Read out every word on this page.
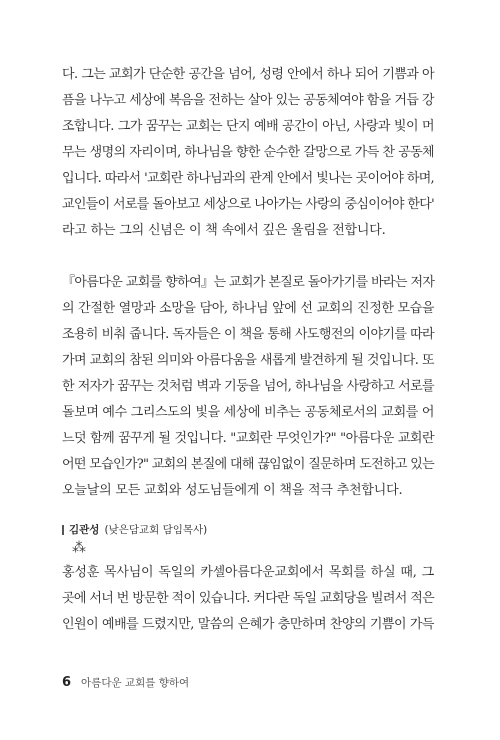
다. 그는 교회가 단순한 공간을 넘어, 성령 안에서 하나 되어 기쁨과 아
픔을 나누고 세상에 복음을 전하는 살아 있는 공동체여야 함을 거듭 강
조합니다. 그가 꿈꾸는 교회는 단지 예배 공간이 아닌, 사랑과 빛이 머
무는 생명의 자리이며, 하나님을 향한 순수한 갈망으로 가득 찬 공동체
입니다. 따라서 '교회란 하나님과의 관계 안에서 빛나는 곳이어야 하며,
교인들이 서로를 돌아보고 세상으로 나아가는 사랑의 중심이어야 한다'
라고 하는 그의 신념은 이 책 속에서 깊은 울림을 전합니다.
『아름다운 교회를 향하여』는 교회가 본질로 돌아가기를 바라는 저자
의 간절한 열망과 소망을 담아, 하나님 앞에 선 교회의 진정한 모습을
조용히 비춰 줍니다. 독자들은 이 책을 통해 사도행전의 이야기를 따라
가며 교회의 참된 의미와 아름다움을 새롭게 발견하게 될 것입니다. 또
한 저자가 꿈꾸는 것처럼 벽과 기둥을 넘어, 하나님을 사랑하고 서로를
돌보며 예수 그리스도의 빛을 세상에 비추는 공동체로서의 교회를 어
느덧 함께 꿈꾸게 될 것입니다. "교회란 무엇인가?" "아름다운 교회란
어떤 모습인가?" 교회의 본질에 대해 끊임없이 질문하며 도전하고 있는
오늘날의 모든 교회와 성도님들에게 이 책을 적극 추천합니다.
김관성 (낮은담교회 담임목사)
⁂
홍성훈 목사님이 독일의 카셀아름다운교회에서 목회를 하실 때, 그
곳에 서너 번 방문한 적이 있습니다. 커다란 독일 교회당을 빌려서 적은
인원이 예배를 드렸지만, 말씀의 은혜가 충만하며 찬양의 기쁨이 가득
6 아름다운 교회를 향하여
